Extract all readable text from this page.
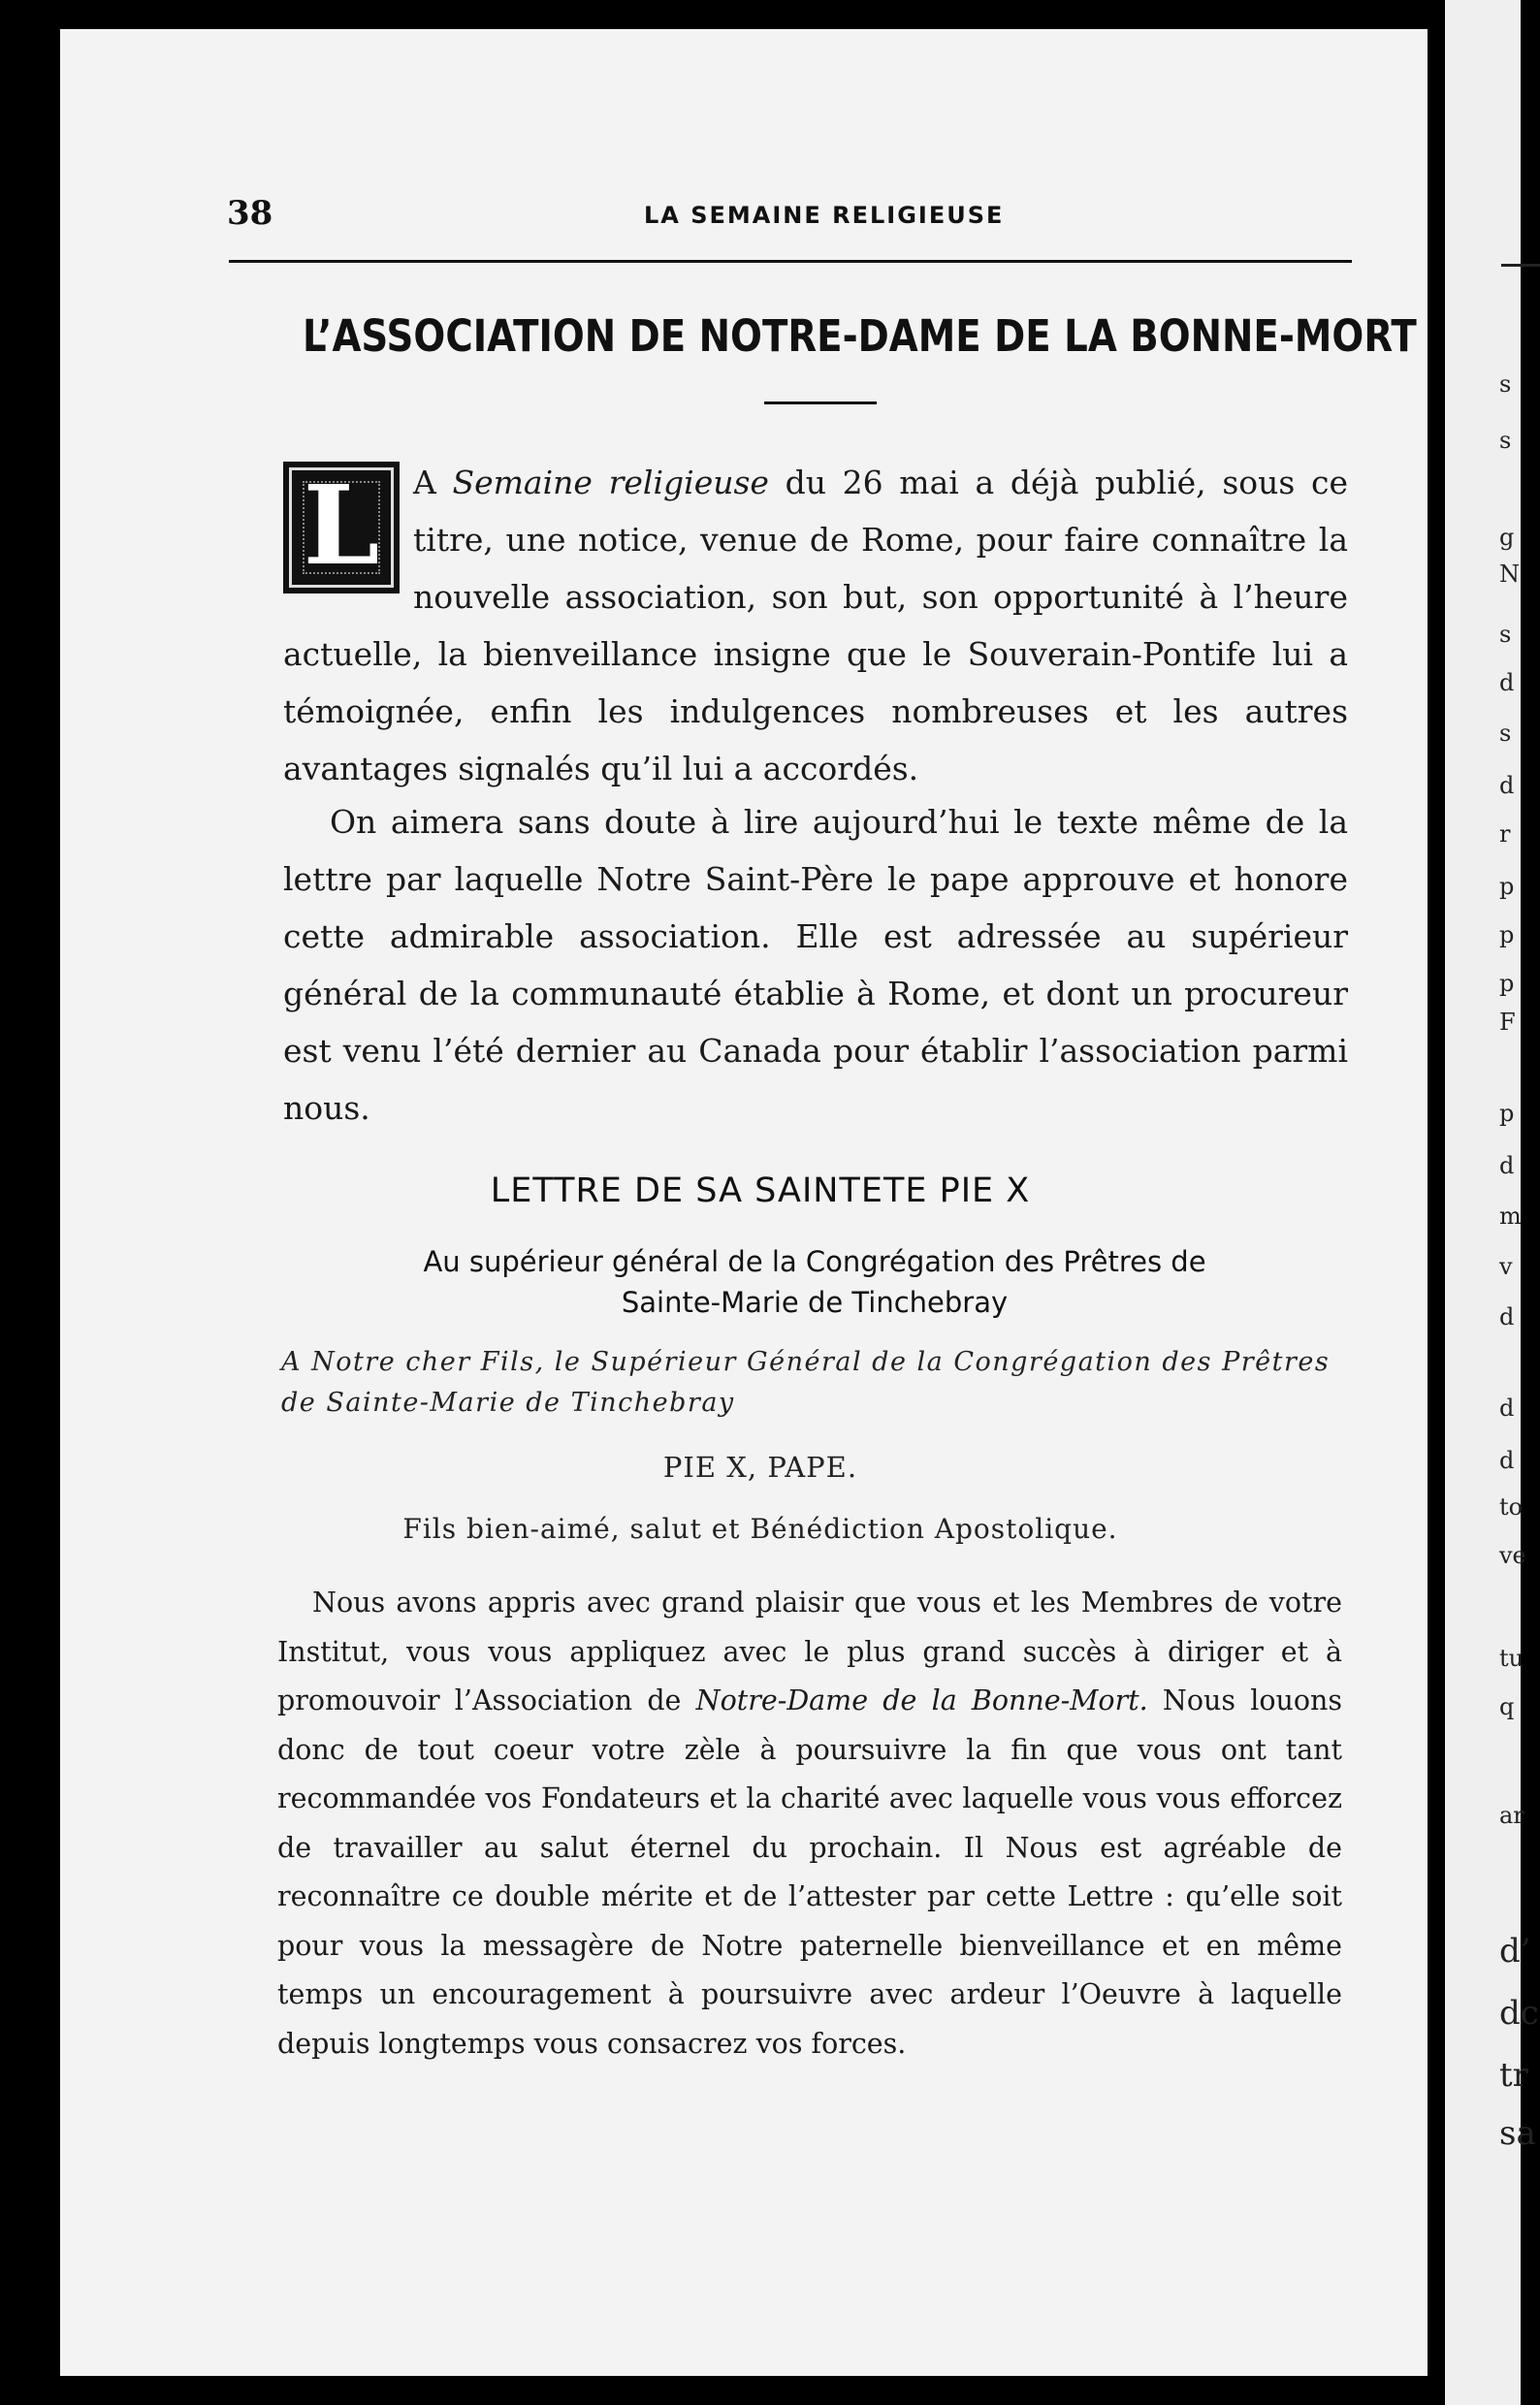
s
s
g
N
s
d
s
d
r
p
p
p
F
p
d
m
v
d
d
d
to
ve
tu
q
ar
d’
dc
tr
sa
38	LA SEMAINE RELIGIEUSE
L’ASSOCIATION DE NOTRE-DAME DE LA BONNE-MORT
L	A Semaine religieuse du 26 mai a déjà publié, sous ce titre, une notice, venue de Rome, pour faire connaître la nouvelle association, son but, son opportunité à l’heure actuelle, la bienveillance insigne que le Souverain-Pontife lui a témoignée, enfin les indulgences nombreuses et les autres avantages signalés qu’il lui a accordés.
On aimera sans doute à lire aujourd’hui le texte même de la lettre par laquelle Notre Saint-Père le pape approuve et honore cette admirable association. Elle est adressée au supérieur général de la communauté établie à Rome, et dont un procureur est venu l’été dernier au Canada pour établir l’association parmi nous.
LETTRE DE SA SAINTETE PIE X
Au supérieur général de la Congrégation des Prêtres de
Sainte-Marie de Tinchebray
A Notre cher Fils, le Supérieur Général de la Congrégation des Prêtres de Sainte-Marie de Tinchebray
PIE X, PAPE.
Fils bien-aimé, salut et Bénédiction Apostolique.
Nous avons appris avec grand plaisir que vous et les Membres de votre Institut, vous vous appliquez avec le plus grand succès à diriger et à promouvoir l’Association de Notre-Dame de la Bonne-Mort. Nous louons donc de tout coeur votre zèle à poursuivre la fin que vous ont tant recommandée vos Fondateurs et la charité avec laquelle vous vous efforcez de travailler au salut éternel du prochain. Il Nous est agréable de reconnaître ce double mérite et de l’attester par cette Lettre : qu’elle soit pour vous la messagère de Notre paternelle bienveillance et en même temps un encouragement à poursuivre avec ardeur l’Oeuvre à laquelle depuis longtemps vous consacrez vos forces.
